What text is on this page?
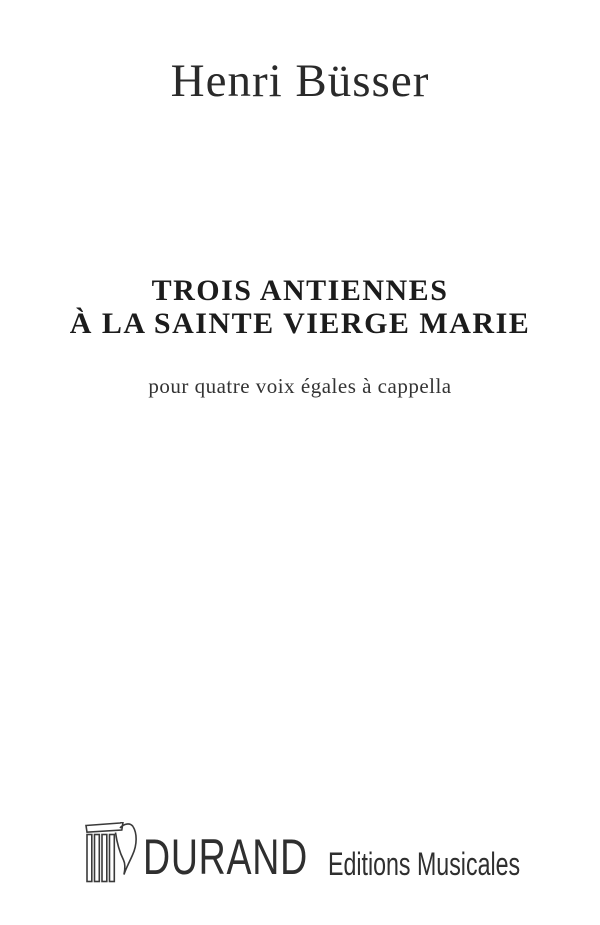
Henri Büsser
TROIS ANTIENNES
À LA SAINTE VIERGE MARIE
pour quatre voix égales à cappella
DURAND Editions Musicales
